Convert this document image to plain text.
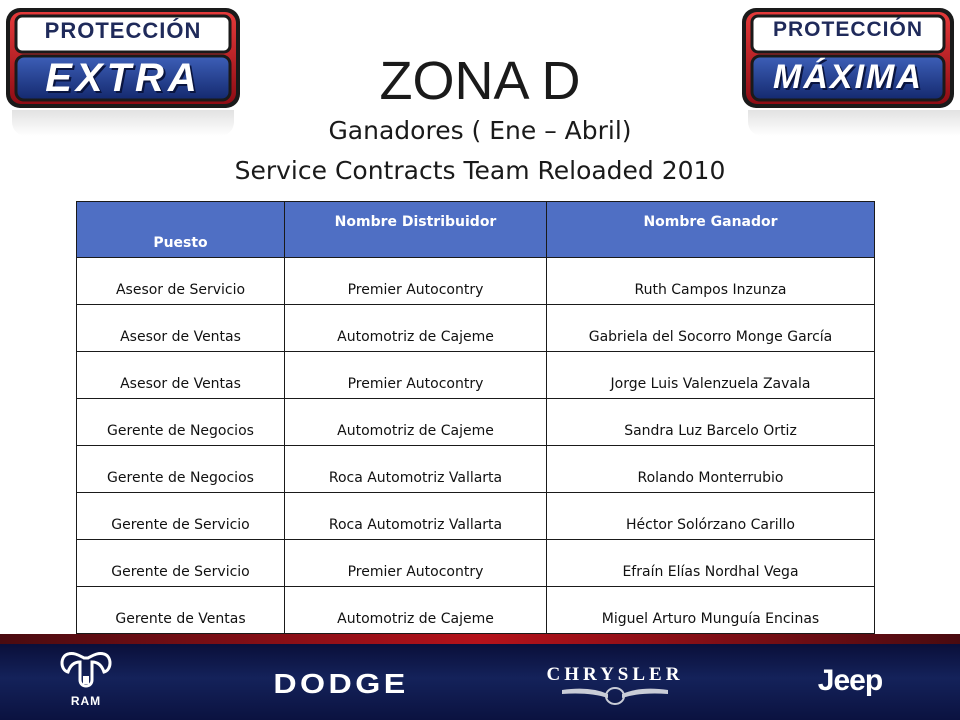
PROTECCIÓN
EXTRA
PROTECCIÓN
MÁXIMA
ZONA D
Ganadores ( Ene – Abril)
Service Contracts Team Reloaded 2010
Puesto	Nombre Distribuidor	Nombre Ganador

Asesor de Servicio	Premier Autocontry	Ruth Campos Inzunza
Asesor de Ventas	Automotriz de Cajeme	Gabriela del Socorro Monge García
Asesor de Ventas	Premier Autocontry	Jorge Luis Valenzuela Zavala
Gerente de Negocios	Automotriz de Cajeme	Sandra Luz Barcelo Ortiz
Gerente de Negocios	Roca Automotriz Vallarta	Rolando Monterrubio
Gerente de Servicio	Roca Automotriz Vallarta	Héctor Solórzano Carillo
Gerente de Servicio	Premier Autocontry	Efraín Elías Nordhal Vega
Gerente de Ventas	Automotriz de Cajeme	Miguel Arturo Munguía Encinas

RAM
DODGE	CHRYSLER	Jeep
